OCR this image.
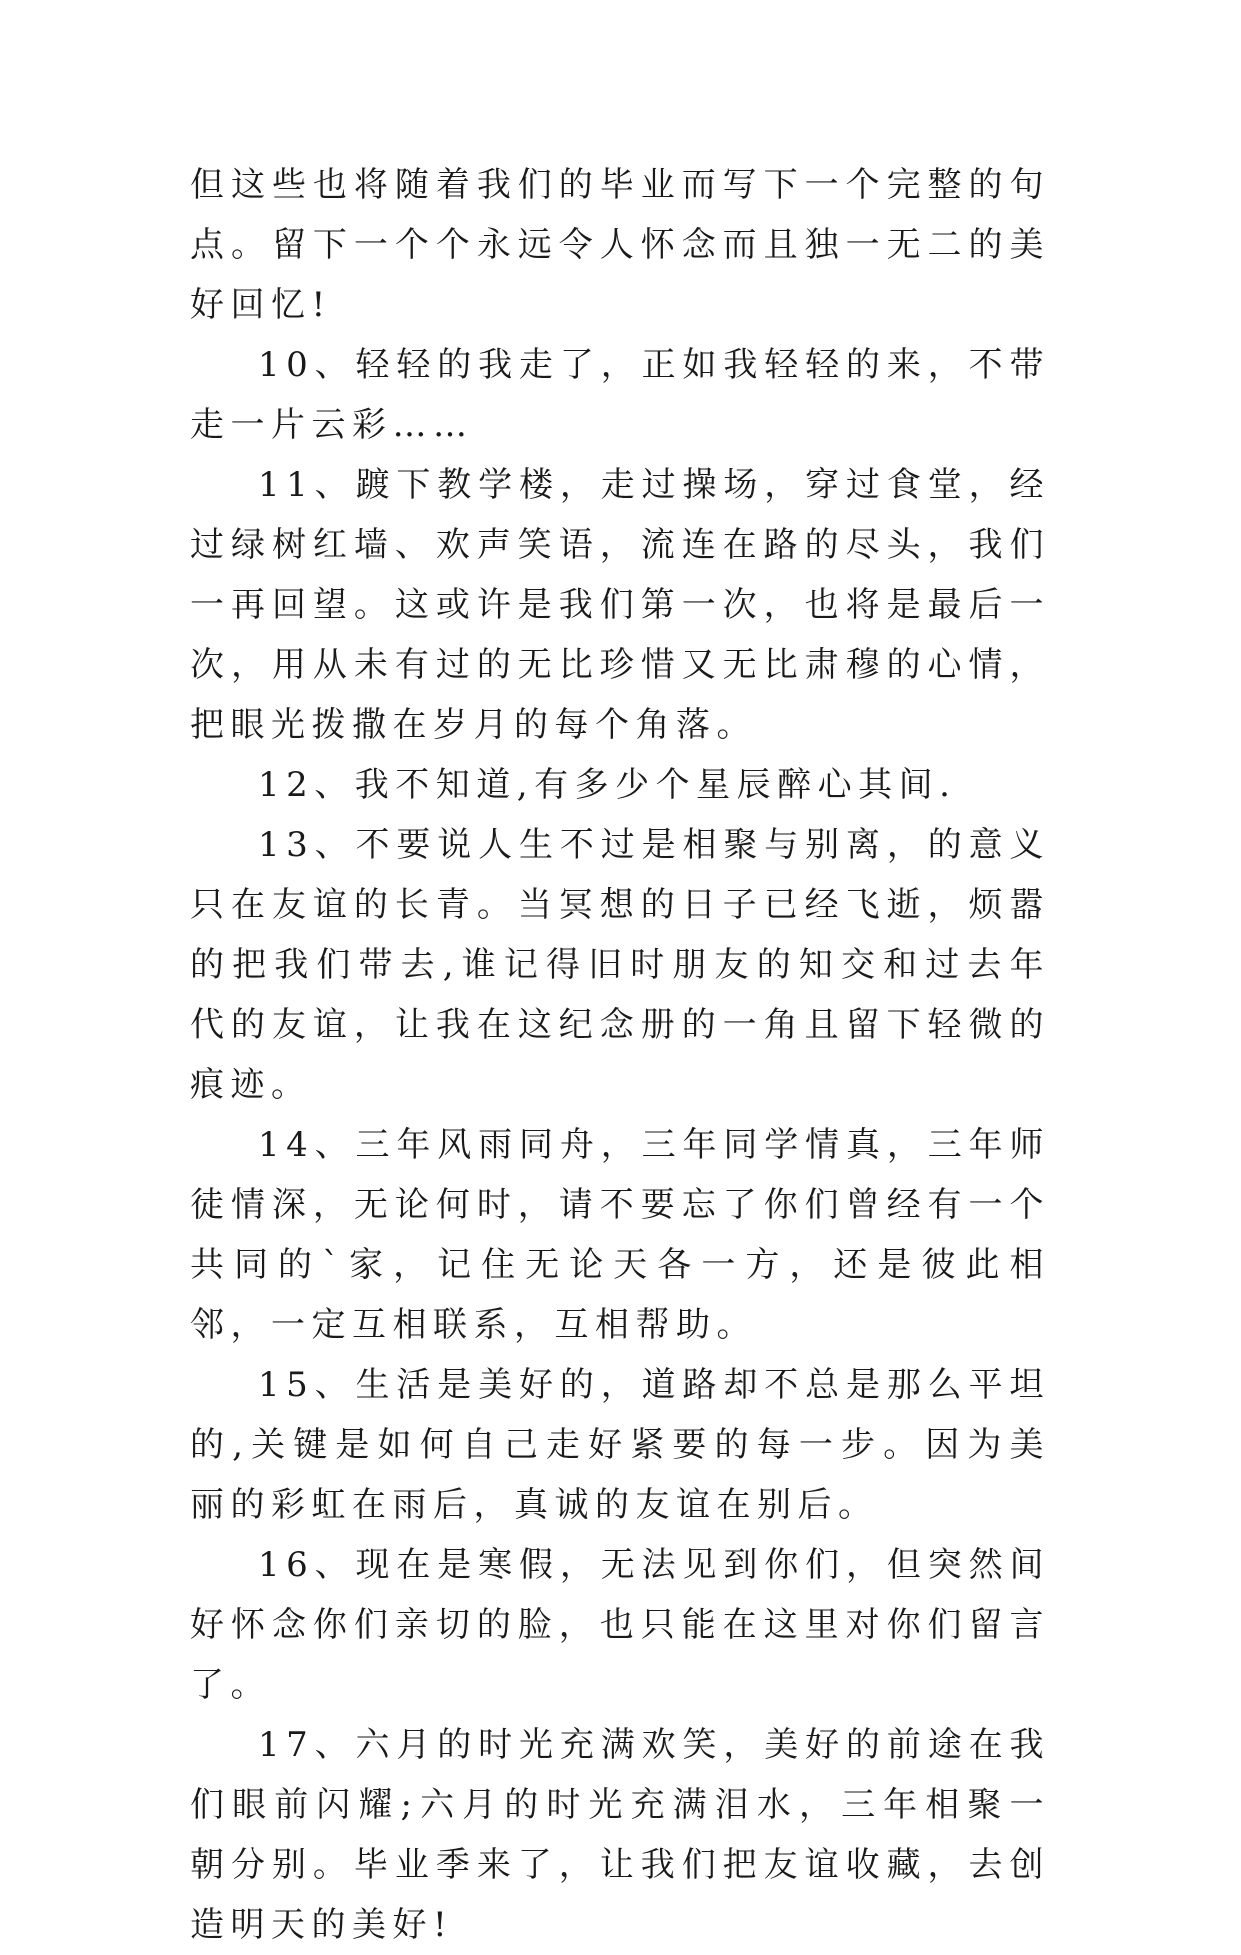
但这些也将随着我们的毕业而写下一个完整的句点。留下一个个永远令人怀念而且独一无二的美好回忆!

10、轻轻的我走了，正如我轻轻的来，不带走一片云彩……

11、踱下教学楼，走过操场，穿过食堂，经过绿树红墙、欢声笑语，流连在路的尽头，我们一再回望。这或许是我们第一次，也将是最后一次，用从未有过的无比珍惜又无比肃穆的心情，把眼光拨撒在岁月的每个角落。

12、我不知道,有多少个星辰醉心其间.

13、不要说人生不过是相聚与别离，的意义只在友谊的长青。当冥想的日子已经飞逝，烦嚣的把我们带去,谁记得旧时朋友的知交和过去年代的友谊，让我在这纪念册的一角且留下轻微的痕迹。

14、三年风雨同舟，三年同学情真，三年师徒情深，无论何时，请不要忘了你们曾经有一个共同的`家，记住无论天各一方，还是彼此相邻，一定互相联系，互相帮助。

15、生活是美好的，道路却不总是那么平坦的,关键是如何自己走好紧要的每一步。因为美丽的彩虹在雨后，真诚的友谊在别后。

16、现在是寒假，无法见到你们，但突然间好怀念你们亲切的脸，也只能在这里对你们留言了。

17、六月的时光充满欢笑，美好的前途在我们眼前闪耀;六月的时光充满泪水，三年相聚一朝分别。毕业季来了，让我们把友谊收藏，去创造明天的美好!
